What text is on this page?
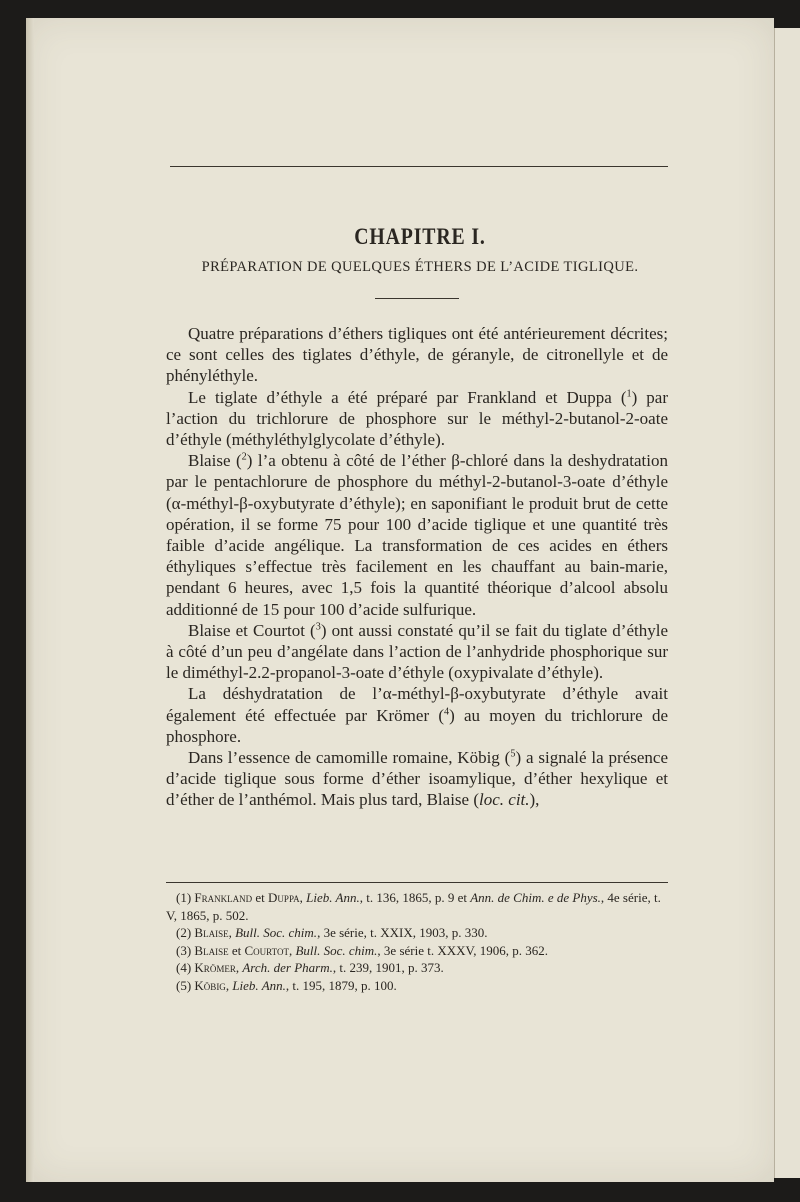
CHAPITRE I.
PRÉPARATION DE QUELQUES ÉTHERS DE L’ACIDE TIGLIQUE.

Quatre préparations d’éthers tigliques ont été antérieurement décrites; ce sont celles des tiglates d’éthyle, de géranyle, de citronellyle et de phényléthyle.

Le tiglate d’éthyle a été préparé par Frankland et Duppa ($^1$) par l’action du trichlorure de phosphore sur le méthyl-2-butanol-2-oate d’éthyle (méthyléthylglycolate d’éthyle).

Blaise ($^2$) l’a obtenu à côté de l’éther β-chloré dans la deshydratation par le pentachlorure de phosphore du méthyl-2-butanol-3-oate d’éthyle (α-méthyl-β-oxybutyrate d’éthyle); en saponifiant le produit brut de cette opération, il se forme 75 pour 100 d’acide tiglique et une quantité très faible d’acide angélique. La transformation de ces acides en éthers éthyliques s’effectue très facilement en les chauffant au bain-marie, pendant 6 heures, avec 1,5 fois la quantité théorique d’alcool absolu additionné de 15 pour 100 d’acide sulfurique.

Blaise et Courtot ($^3$) ont aussi constaté qu’il se fait du tiglate d’éthyle à côté d’un peu d’angélate dans l’action de l’anhydride phosphorique sur le diméthyl-2.2-propanol-3-oate d’éthyle (oxypivalate d’éthyle).

La déshydratation de l’α-méthyl-β-oxybutyrate d’éthyle avait également été effectuée par Krömer ($^4$) au moyen du trichlorure de phosphore.

Dans l’essence de camomille romaine, Köbig ($^5$) a signalé la présence d’acide tiglique sous forme d’éther isoamylique, d’éther hexylique et d’éther de l’anthémol. Mais plus tard, Blaise (loc. cit.),

(1) Frankland et Duppa, Lieb. Ann., t. 136, 1865, p. 9 et Ann. de Chim. e de Phys., 4e série, t. V, 1865, p. 502.

(2) Blaise, Bull. Soc. chim., 3e série, t. XXIX, 1903, p. 330.

(3) Blaise et Courtot, Bull. Soc. chim., 3e série t. XXXV, 1906, p. 362.

(4) Krömer, Arch. der Pharm., t. 239, 1901, p. 373.

(5) Köbig, Lieb. Ann., t. 195, 1879, p. 100.
